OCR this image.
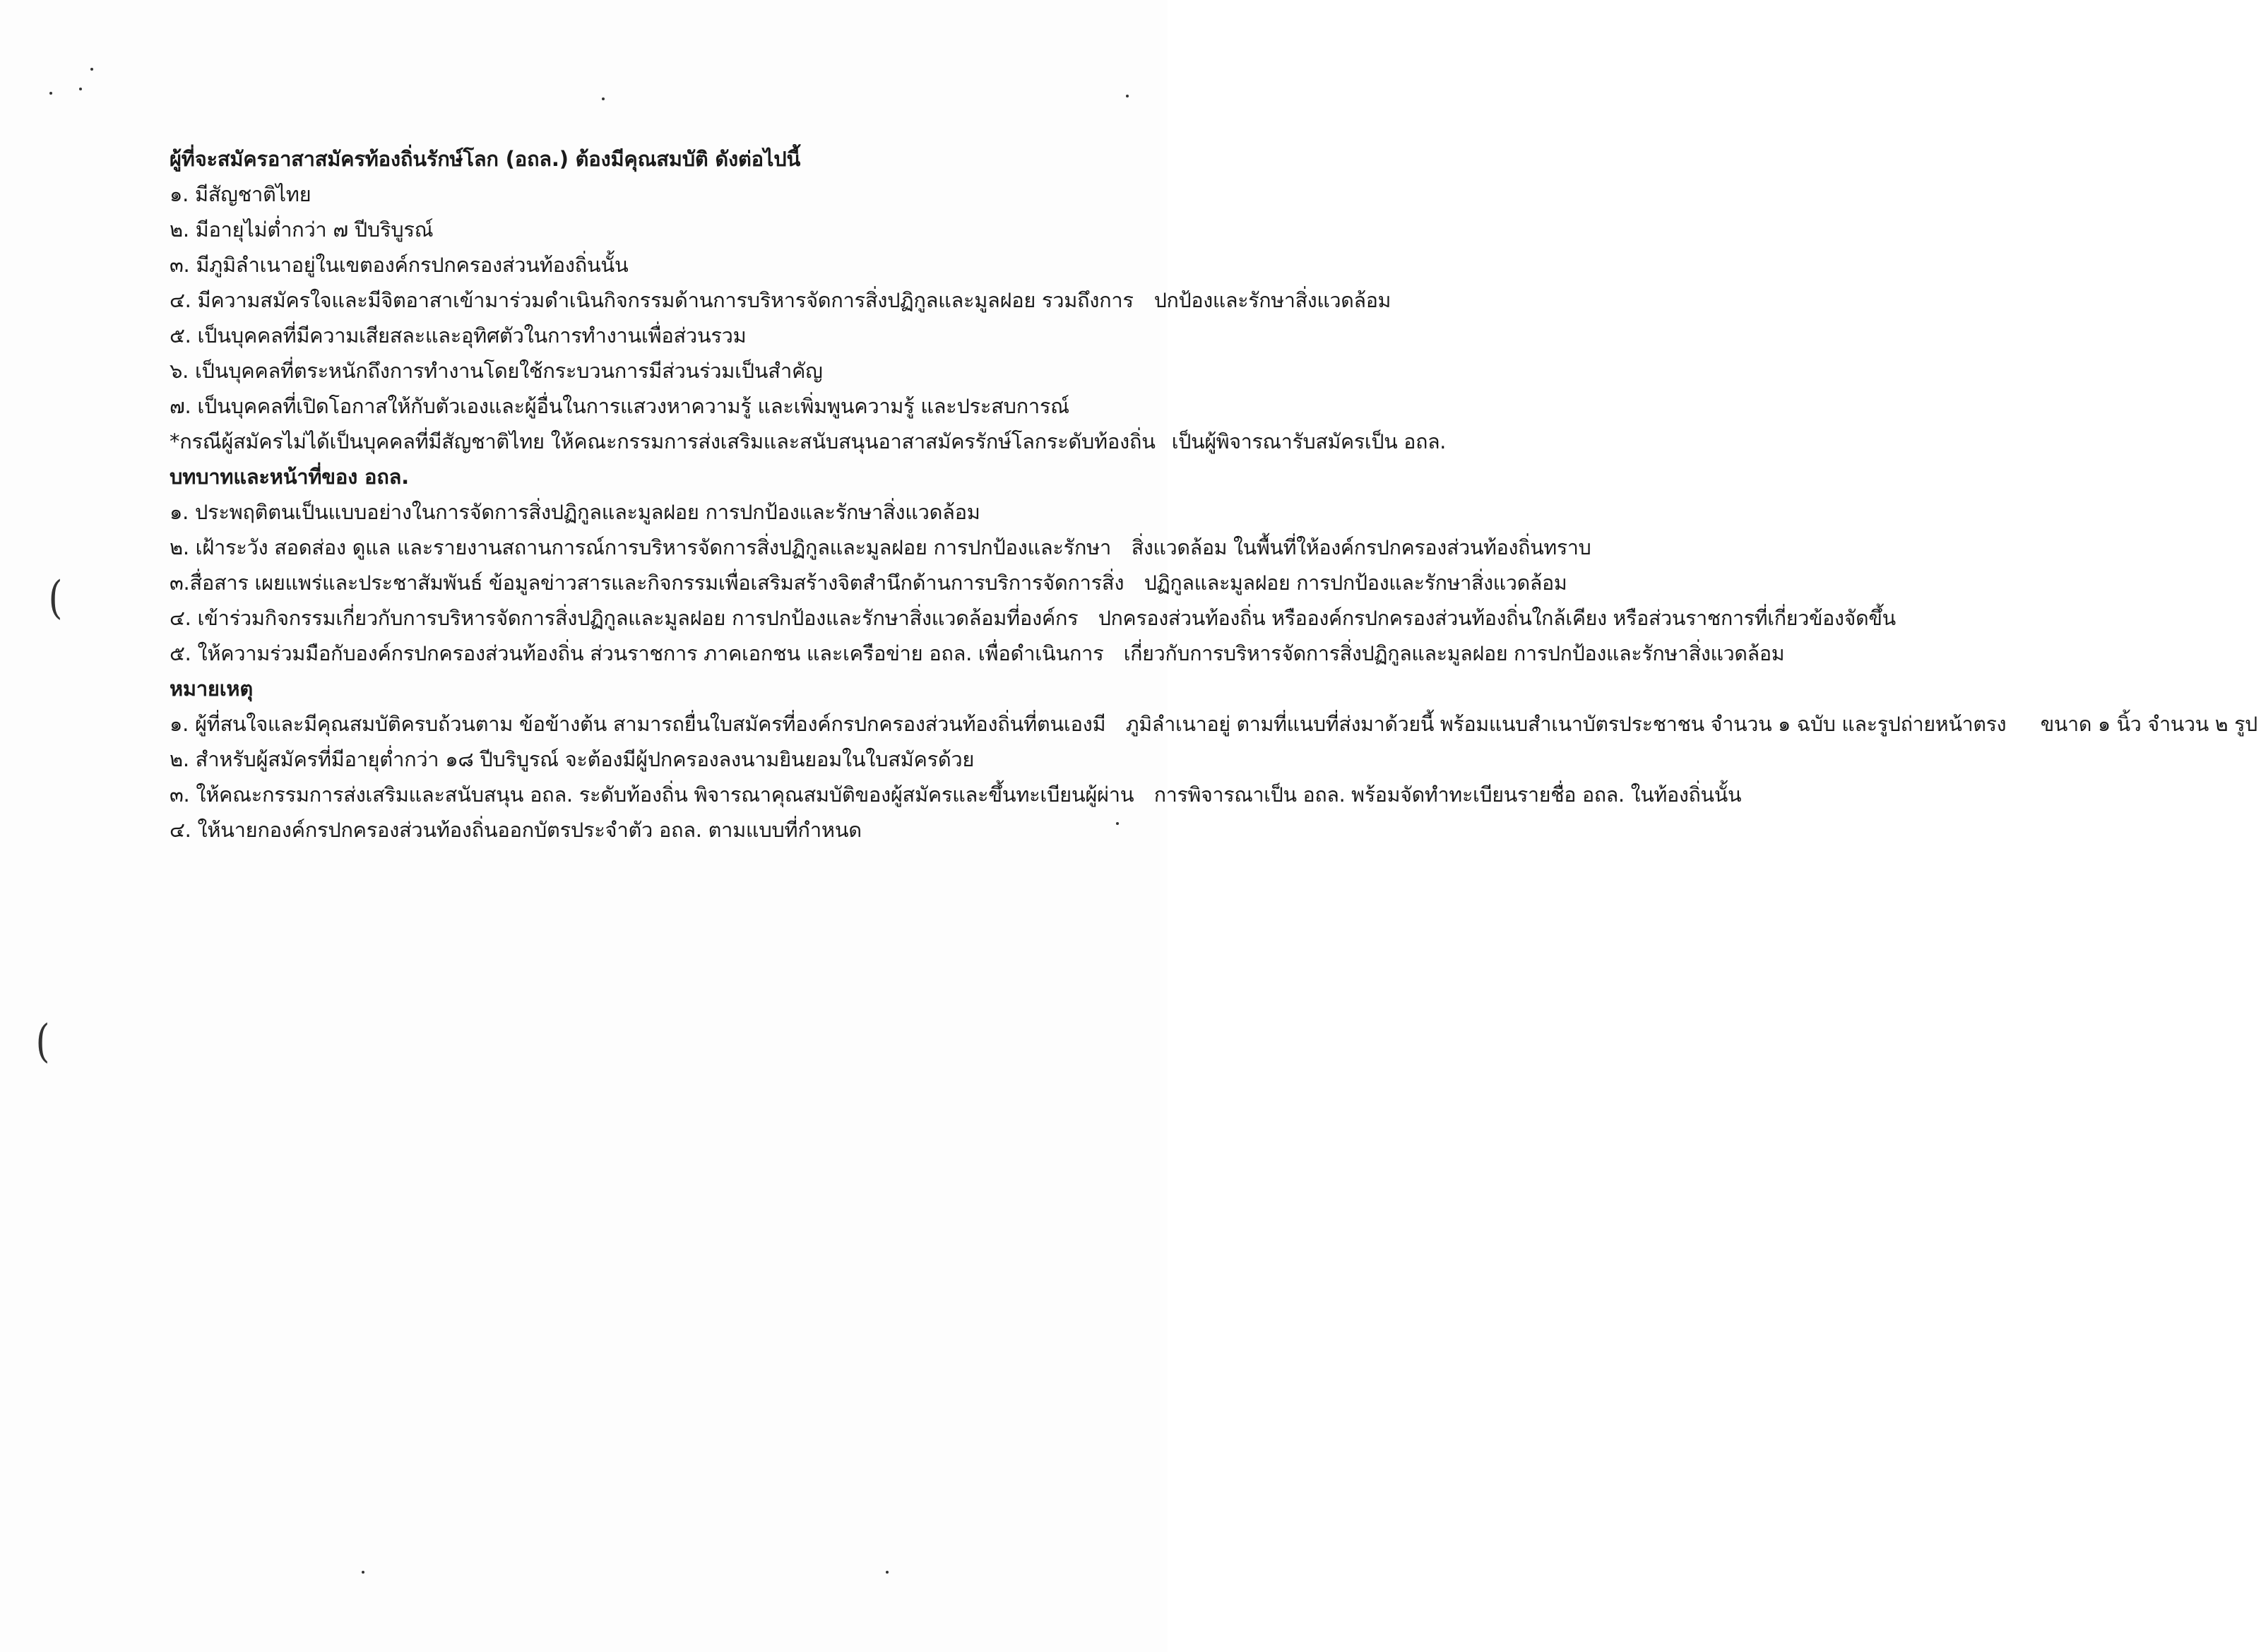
(
(
ผู้ที่จะสมัครอาสาสมัครท้องถิ่นรักษ์โลก (อถล.) ต้องมีคุณสมบัติ ดังต่อไปนี้
๑. มีสัญชาติไทย
๒. มีอายุไม่ต่ำกว่า ๗ ปีบริบูรณ์
๓. มีภูมิลำเนาอยู่ในเขตองค์กรปกครองส่วนท้องถิ่นนั้น
๔. มีความสมัครใจและมีจิตอาสาเข้ามาร่วมดำเนินกิจกรรมด้านการบริหารจัดการสิ่งปฏิกูลและมูลฝอย รวมถึงการ ปกป้องและรักษาสิ่งแวดล้อม
๕. เป็นบุคคลที่มีความเสียสละและอุทิศตัวในการทำงานเพื่อส่วนรวม
๖. เป็นบุคคลที่ตระหนักถึงการทำงานโดยใช้กระบวนการมีส่วนร่วมเป็นสำคัญ
๗. เป็นบุคคลที่เปิดโอกาสให้กับตัวเองและผู้อื่นในการแสวงหาความรู้ และเพิ่มพูนความรู้ และประสบการณ์
*กรณีผู้สมัครไม่ได้เป็นบุคคลที่มีสัญชาติไทย ให้คณะกรรมการส่งเสริมและสนับสนุนอาสาสมัครรักษ์โลกระดับท้องถิ่น เป็นผู้พิจารณารับสมัครเป็น อถล.
บทบาทและหน้าที่ของ อถล.
๑. ประพฤติตนเป็นแบบอย่างในการจัดการสิ่งปฏิกูลและมูลฝอย การปกป้องและรักษาสิ่งแวดล้อม
๒. เฝ้าระวัง สอดส่อง ดูแล และรายงานสถานการณ์การบริหารจัดการสิ่งปฏิกูลและมูลฝอย การปกป้องและรักษา สิ่งแวดล้อม ในพื้นที่ให้องค์กรปกครองส่วนท้องถิ่นทราบ
๓.สื่อสาร เผยแพร่และประชาสัมพันธ์ ข้อมูลข่าวสารและกิจกรรมเพื่อเสริมสร้างจิตสำนึกด้านการบริการจัดการสิ่ง ปฏิกูลและมูลฝอย การปกป้องและรักษาสิ่งแวดล้อม
๔. เข้าร่วมกิจกรรมเกี่ยวกับการบริหารจัดการสิ่งปฏิกูลและมูลฝอย การปกป้องและรักษาสิ่งแวดล้อมที่องค์กร ปกครองส่วนท้องถิ่น หรือองค์กรปกครองส่วนท้องถิ่นใกล้เคียง หรือส่วนราชการที่เกี่ยวข้องจัดขึ้น
๕. ให้ความร่วมมือกับองค์กรปกครองส่วนท้องถิ่น ส่วนราชการ ภาคเอกชน และเครือข่าย อถล. เพื่อดำเนินการ เกี่ยวกับการบริหารจัดการสิ่งปฏิกูลและมูลฝอย การปกป้องและรักษาสิ่งแวดล้อม
หมายเหตุ
๑. ผู้ที่สนใจและมีคุณสมบัติครบถ้วนตาม ข้อข้างต้น สามารถยื่นใบสมัครที่องค์กรปกครองส่วนท้องถิ่นที่ตนเองมี ภูมิลำเนาอยู่ ตามที่แนบที่ส่งมาด้วยนี้ พร้อมแนบสำเนาบัตรประชาชน จำนวน ๑ ฉบับ และรูปถ่ายหน้าตรง ขนาด ๑ นิ้ว จำนวน ๒ รูป
๒. สำหรับผู้สมัครที่มีอายุต่ำกว่า ๑๘ ปีบริบูรณ์ จะต้องมีผู้ปกครองลงนามยินยอมในใบสมัครด้วย
๓. ให้คณะกรรมการส่งเสริมและสนับสนุน อถล. ระดับท้องถิ่น พิจารณาคุณสมบัติของผู้สมัครและขึ้นทะเบียนผู้ผ่าน การพิจารณาเป็น อถล. พร้อมจัดทำทะเบียนรายชื่อ อถล. ในท้องถิ่นนั้น
๔. ให้นายกองค์กรปกครองส่วนท้องถิ่นออกบัตรประจำตัว อถล. ตามแบบที่กำหนด
